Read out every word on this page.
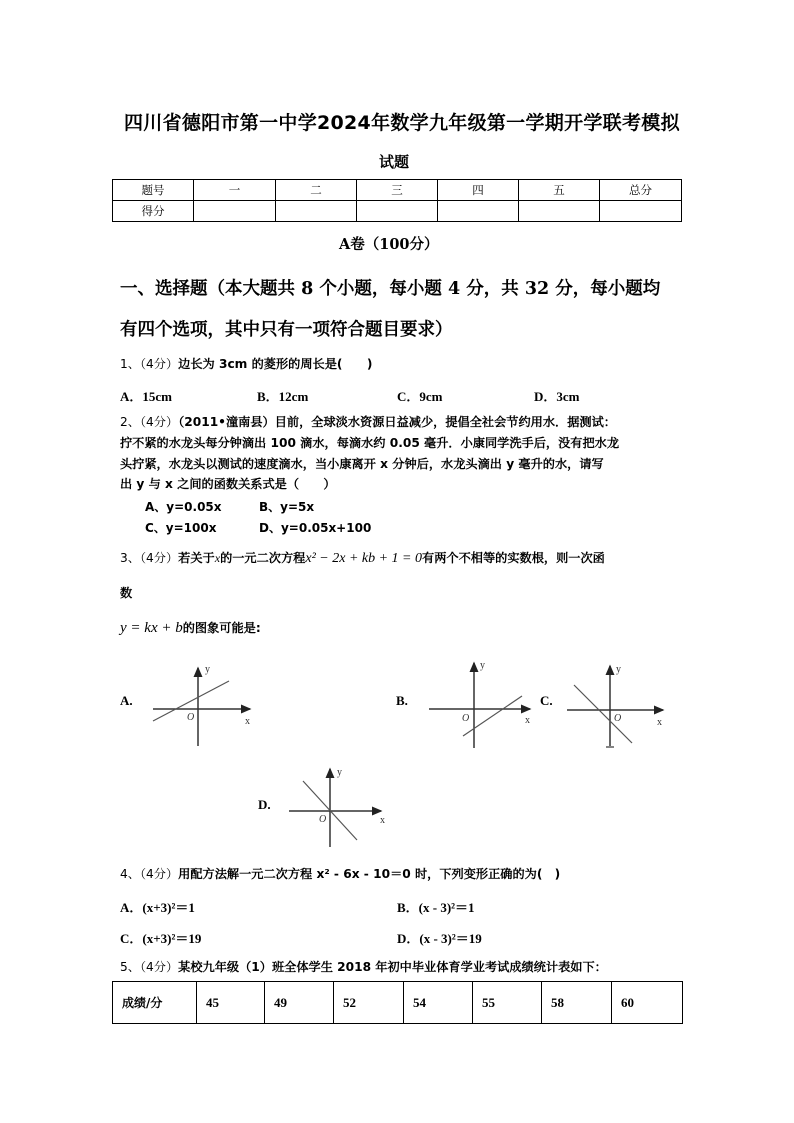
四川省德阳市第一中学2024年数学九年级第一学期开学联考模拟
试题
题号	一	二	三	四	五	总分
得分						
A卷（100分）
一、选择题（本大题共 8 个小题，每小题 4 分，共 32 分，每小题均
有四个选项，其中只有一项符合题目要求）
1、（4分）边长为 3cm 的菱形的周长是(　　)
A．15cm	B．12cm	C．9cm	D．3cm
2、（4分）（2011•潼南县）目前，全球淡水资源日益减少，提倡全社会节约用水．据测试：
拧不紧的水龙头每分钟滴出 100 滴水，每滴水约 0.05 毫升．小康同学洗手后，没有把水龙
头拧紧，水龙头以测试的速度滴水，当小康离开 x 分钟后，水龙头滴出 y 毫升的水，请写
出 y 与 x 之间的函数关系式是（　　）
A、y=0.05x	B、y=5x
C、y=100x	D、y=0.05x+100
3、（4分）若关于x的一元二次方程x² − 2x + kb + 1 = 0有两个不相等的实数根，则一次函
数
y = kx + b的图象可能是:
A.	B.	C.
D.
y
O	x
y
O	x
y
O	x
y
O	x
4、（4分）用配方法解一元二次方程 x² - 6x - 10＝0 时，下列变形正确的为(　)
A．(x+3)²＝1	B．(x - 3)²＝1
C．(x+3)²＝19	D．(x - 3)²＝19
5、（4分）某校九年级（1）班全体学生 2018 年初中毕业体育学业考试成绩统计表如下：
成绩/分	45	49	52	54	55	58	60
